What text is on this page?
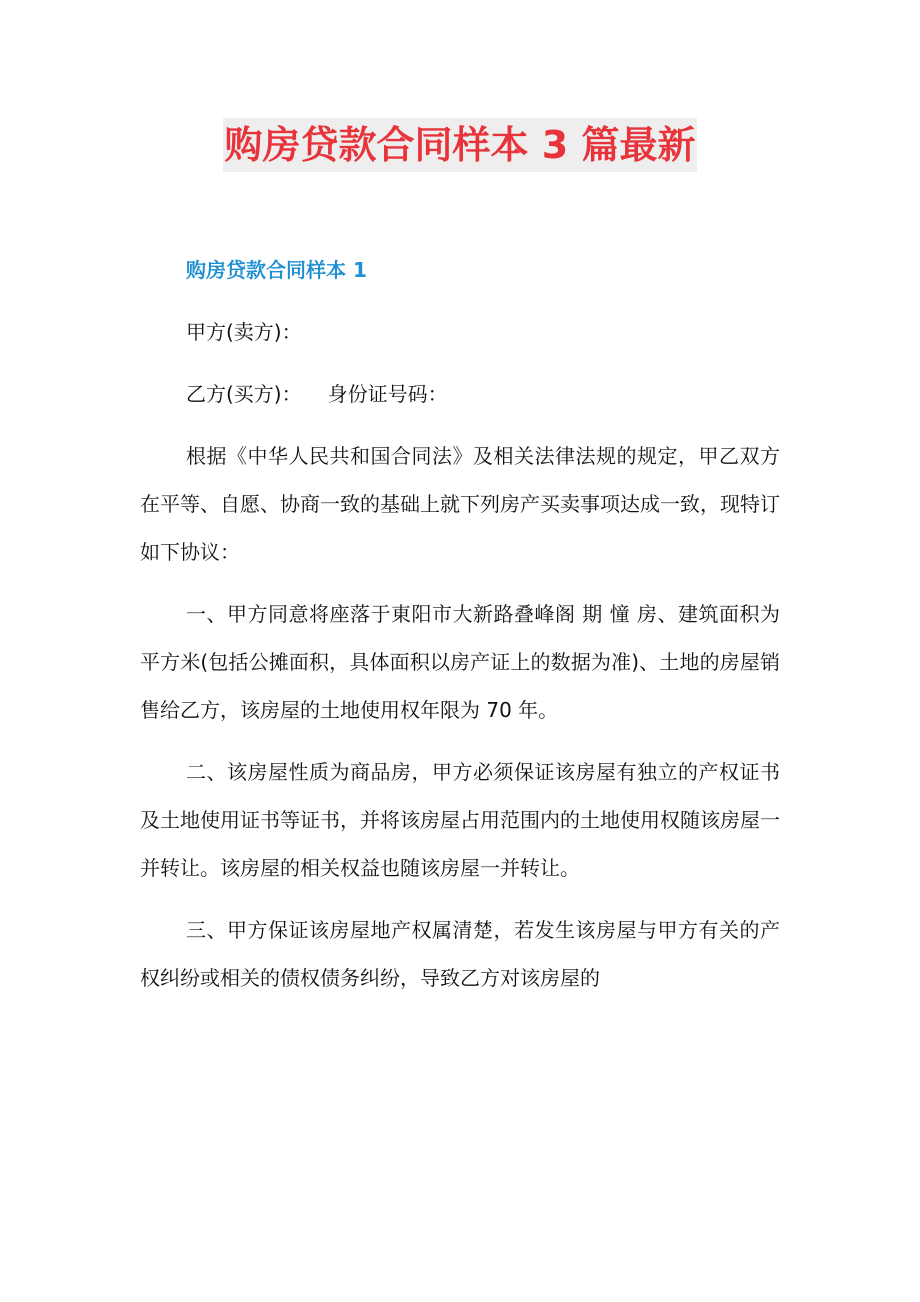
购房贷款合同样本 3 篇最新
购房贷款合同样本 1

甲方(卖方)：

乙方(买方)： 身份证号码：

根据《中华人民共和国合同法》及相关法律法规的规定，甲乙双方在平等、自愿、协商一致的基础上就下列房产买卖事项达成一致，现特订如下协议：

一、甲方同意将座落于東阳市大新路叠峰阁 期 憧 房、建筑面积为 平方米(包括公摊面积，具体面积以房产证上的数据为准)、土地的房屋销售给乙方，该房屋的土地使用权年限为 70 年。

二、该房屋性质为商品房，甲方必须保证该房屋有独立的产权证书及土地使用证书等证书，并将该房屋占用范围内的土地使用权随该房屋一并转让。该房屋的相关权益也随该房屋一并转让。

三、甲方保证该房屋地产权属清楚，若发生该房屋与甲方有关的产权纠纷或相关的债权债务纠纷，导致乙方对该房屋的
